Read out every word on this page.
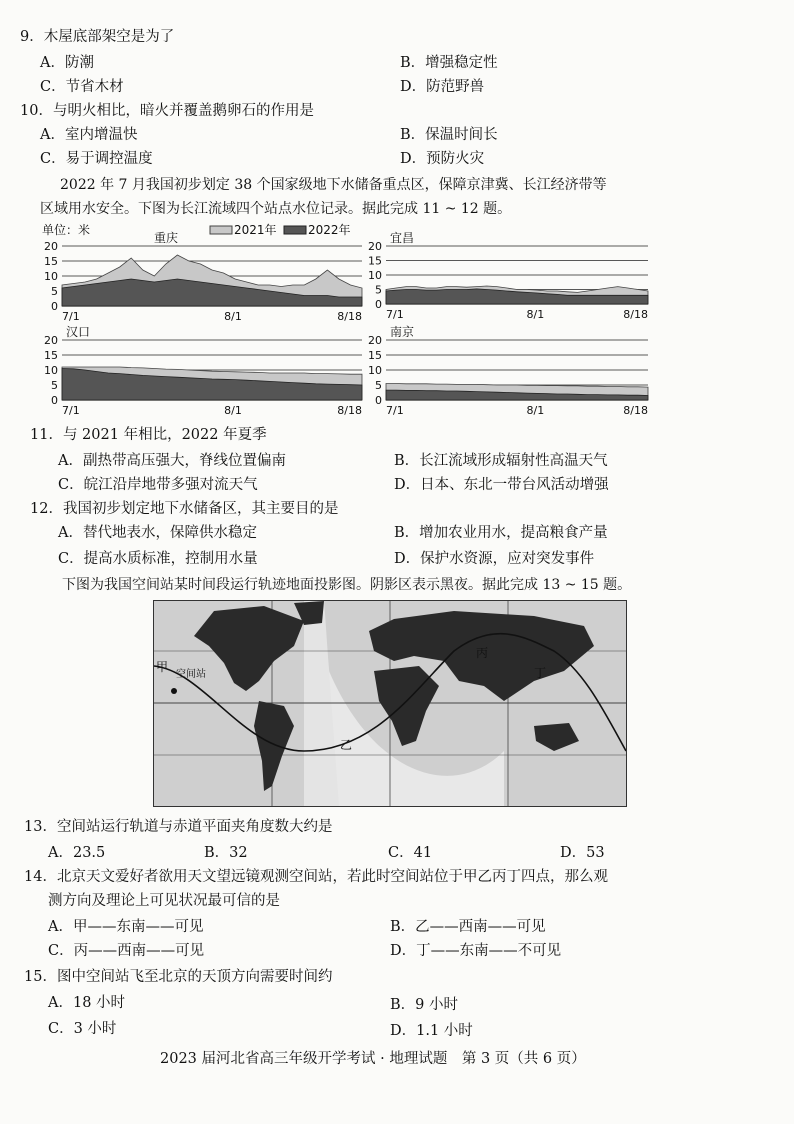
9．木屋底部架空是为了
A．防潮	B．增强稳定性
C．节省木材	D．防范野兽
10．与明火相比，暗火并覆盖鹅卵石的作用是
A．室内增温快	B．保温时间长
C．易于调控温度	D．预防火灾
2022 年 7 月我国初步划定 38 个国家级地下水储备重点区，保障京津冀、长江经济带等
区域用水安全。下图为长江流域四个站点水位记录。据此完成 11 ~ 12 题。
20
15
10
5
0
重庆
7/1	8/1	8/18
单位：米	2021年	2022年
20
15
10
5
0
宜昌
7/1	8/1	8/18
20
15
10
5
0
汉口
7/1	8/1	8/18
20
15
10
5
0
南京
7/1	8/1	8/18
11．与 2021 年相比，2022 年夏季
A．副热带高压强大，脊线位置偏南	B．长江流域形成辐射性高温天气
C．皖江沿岸地带多强对流天气	D．日本、东北一带台风活动增强
12．我国初步划定地下水储备区，其主要目的是
A．替代地表水，保障供水稳定	B．增加农业用水，提高粮食产量
C．提高水质标准，控制用水量	D．保护水资源，应对突发事件
下图为我国空间站某时间段运行轨迹地面投影图。阴影区表示黑夜。据此完成 13 ~ 15 题。
甲
空间站
乙
丙
丁
13．空间站运行轨道与赤道平面夹角度数大约是
A．23.5	B．32	C．41	D．53
14．北京天文爱好者欲用天文望远镜观测空间站，若此时空间站位于甲乙丙丁四点，那么观
测方向及理论上可见状况最可信的是
A．甲——东南——可见	B．乙——西南——可见
C．丙——西南——可见	D．丁——东南——不可见
15．图中空间站飞至北京的天顶方向需要时间约
A．18 小时	B．9 小时
C．3 小时	D．1.1 小时
2023 届河北省高三年级开学考试 · 地理试题　第 3 页（共 6 页）
